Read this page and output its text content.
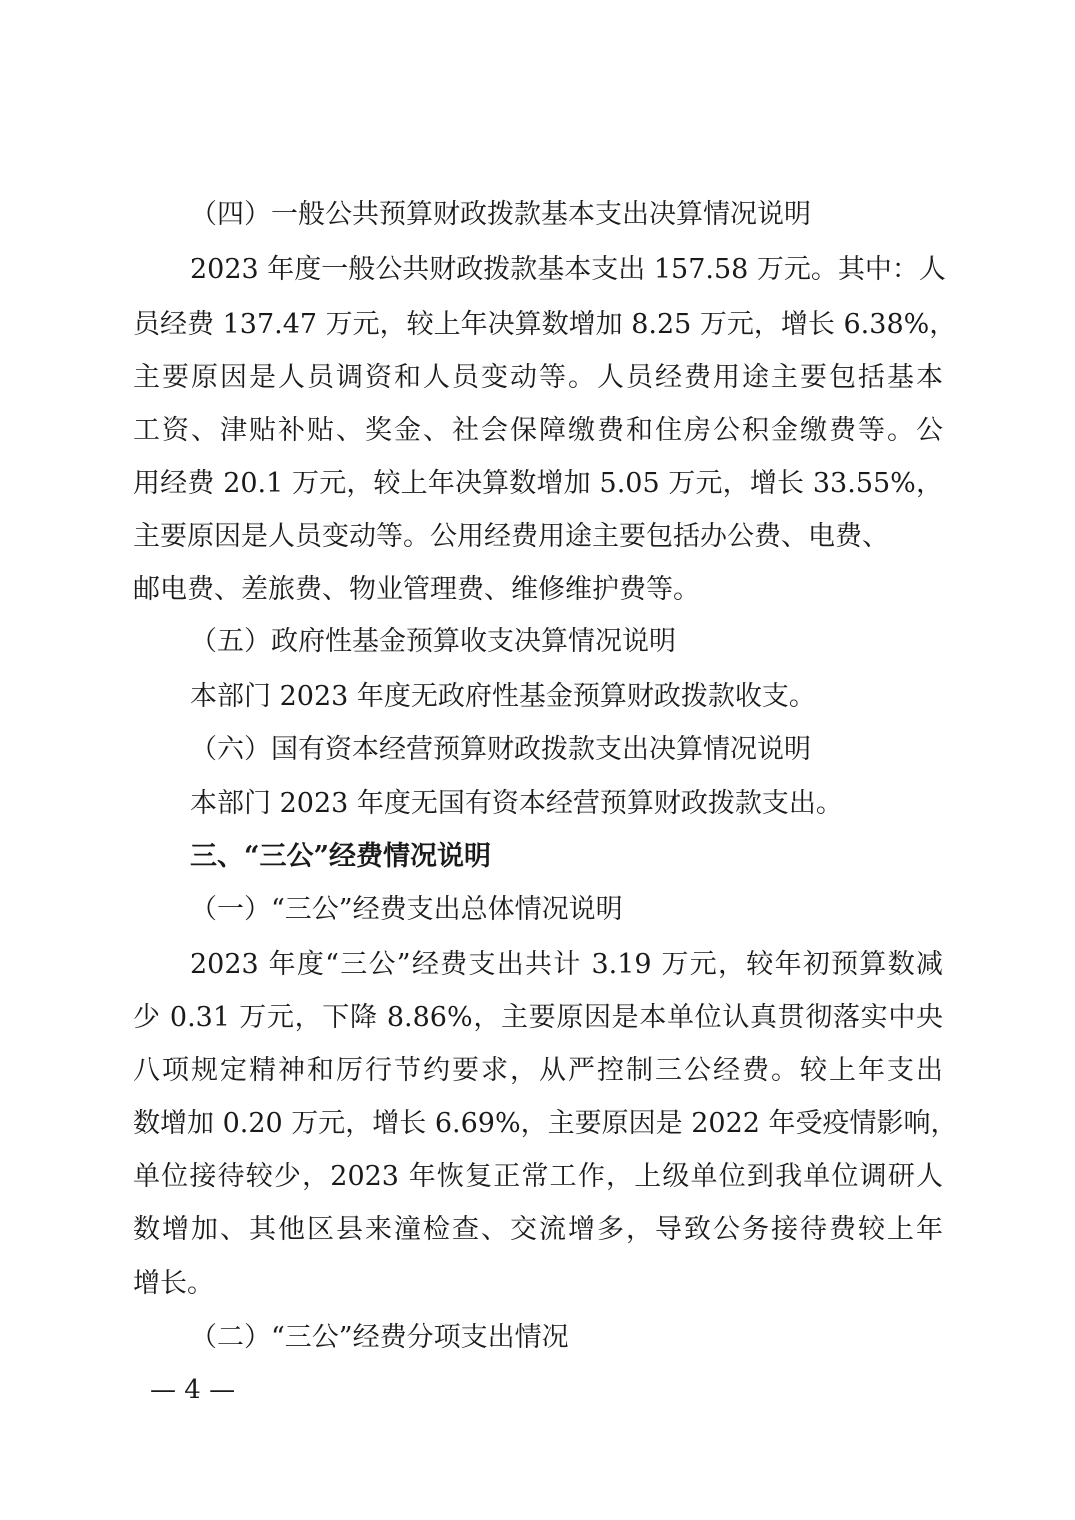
（四）一般公共预算财政拨款基本支出决算情况说明
2023 年度一般公共财政拨款基本支出 157.58 万元。其中：人
员经费 137.47 万元，较上年决算数增加 8.25 万元，增长 6.38%，
主要原因是人员调资和人员变动等。人员经费用途主要包括基本
工资、津贴补贴、奖金、社会保障缴费和住房公积金缴费等。公
用经费 20.1 万元，较上年决算数增加 5.05 万元，增长 33.55%，
主要原因是人员变动等。公用经费用途主要包括办公费、电费、
邮电费、差旅费、物业管理费、维修维护费等。
（五）政府性基金预算收支决算情况说明
本部门 2023 年度无政府性基金预算财政拨款收支。
（六）国有资本经营预算财政拨款支出决算情况说明
本部门 2023 年度无国有资本经营预算财政拨款支出。
三、“三公”经费情况说明
（一）“三公”经费支出总体情况说明
2023 年度“三公”经费支出共计 3.19 万元，较年初预算数减
少 0.31 万元，下降 8.86%，主要原因是本单位认真贯彻落实中央
八项规定精神和厉行节约要求，从严控制三公经费。较上年支出
数增加 0.20 万元，增长 6.69%，主要原因是 2022 年受疫情影响，
单位接待较少，2023 年恢复正常工作，上级单位到我单位调研人
数增加、其他区县来潼检查、交流增多，导致公务接待费较上年
增长。
（二）“三公”经费分项支出情况
— 4 —
